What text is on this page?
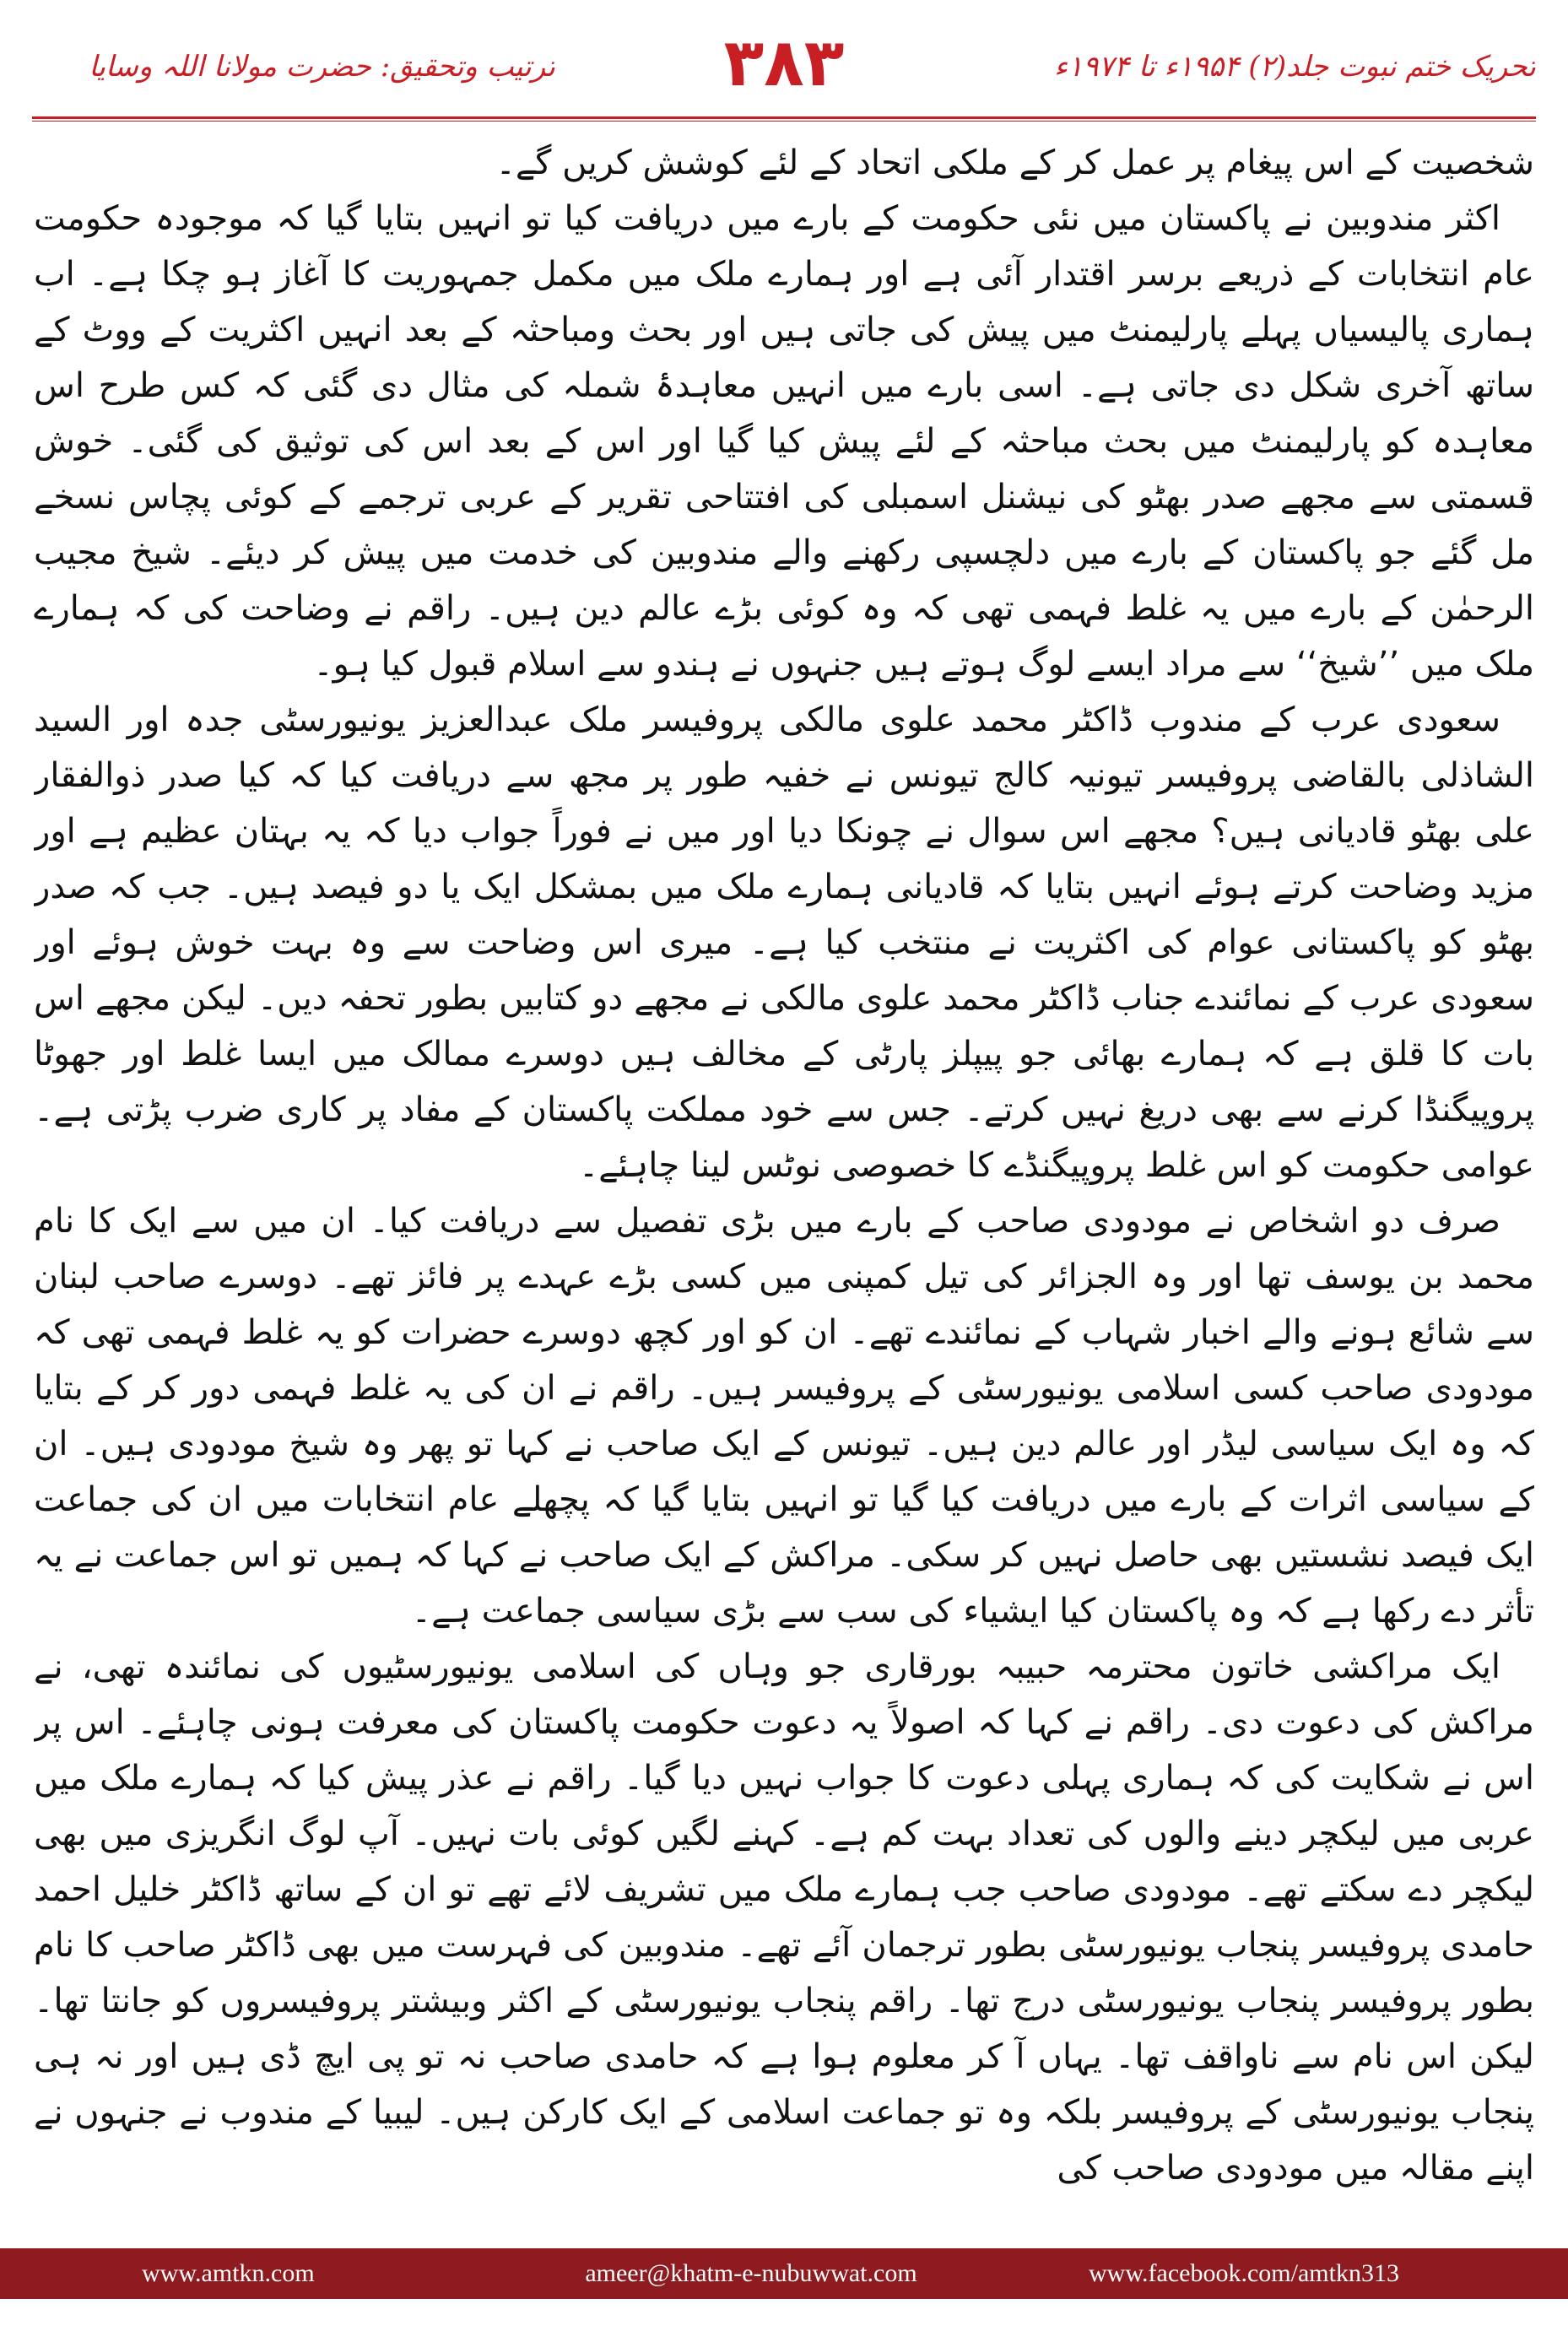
تحریک ختم نبوت جلد(۲) ۱۹۵۴ء تا ۱۹۷۴ء
۳۸۳
ترتیب وتحقیق: حضرت مولانا اللہ وسایا

شخصیت کے اس پیغام پر عمل کر کے ملکی اتحاد کے لئے کوشش کریں گے۔

اکثر مندوبین نے پاکستان میں نئی حکومت کے بارے میں دریافت کیا تو انہیں بتایا گیا کہ موجودہ حکومت عام انتخابات کے ذریعے برسر اقتدار آئی ہے اور ہمارے ملک میں مکمل جمہوریت کا آغاز ہو چکا ہے۔ اب ہماری پالیسیاں پہلے پارلیمنٹ میں پیش کی جاتی ہیں اور بحث ومباحثہ کے بعد انہیں اکثریت کے ووٹ کے ساتھ آخری شکل دی جاتی ہے۔ اسی بارے میں انہیں معاہدۂ شملہ کی مثال دی گئی کہ کس طرح اس معاہدہ کو پارلیمنٹ میں بحث مباحثہ کے لئے پیش کیا گیا اور اس کے بعد اس کی توثیق کی گئی۔ خوش قسمتی سے مجھے صدر بھٹو کی نیشنل اسمبلی کی افتتاحی تقریر کے عربی ترجمے کے کوئی پچاس نسخے مل گئے جو پاکستان کے بارے میں دلچسپی رکھنے والے مندوبین کی خدمت میں پیش کر دیئے۔ شیخ مجیب الرحمٰن کے بارے میں یہ غلط فہمی تھی کہ وہ کوئی بڑے عالم دین ہیں۔ راقم نے وضاحت کی کہ ہمارے ملک میں ’’شیخ‘‘ سے مراد ایسے لوگ ہوتے ہیں جنہوں نے ہندو سے اسلام قبول کیا ہو۔

سعودی عرب کے مندوب ڈاکٹر محمد علوی مالکی پروفیسر ملک عبدالعزیز یونیورسٹی جدہ اور السید الشاذلی بالقاضی پروفیسر تیونیہ کالج تیونس نے خفیہ طور پر مجھ سے دریافت کیا کہ کیا صدر ذوالفقار علی بھٹو قادیانی ہیں؟ مجھے اس سوال نے چونکا دیا اور میں نے فوراً جواب دیا کہ یہ بہتان عظیم ہے اور مزید وضاحت کرتے ہوئے انہیں بتایا کہ قادیانی ہمارے ملک میں بمشکل ایک یا دو فیصد ہیں۔ جب کہ صدر بھٹو کو پاکستانی عوام کی اکثریت نے منتخب کیا ہے۔ میری اس وضاحت سے وہ بہت خوش ہوئے اور سعودی عرب کے نمائندے جناب ڈاکٹر محمد علوی مالکی نے مجھے دو کتابیں بطور تحفہ دیں۔ لیکن مجھے اس بات کا قلق ہے کہ ہمارے بھائی جو پیپلز پارٹی کے مخالف ہیں دوسرے ممالک میں ایسا غلط اور جھوٹا پروپیگنڈا کرنے سے بھی دریغ نہیں کرتے۔ جس سے خود مملکت پاکستان کے مفاد پر کاری ضرب پڑتی ہے۔ عوامی حکومت کو اس غلط پروپیگنڈے کا خصوصی نوٹس لینا چاہئے۔

صرف دو اشخاص نے مودودی صاحب کے بارے میں بڑی تفصیل سے دریافت کیا۔ ان میں سے ایک کا نام محمد بن یوسف تھا اور وہ الجزائر کی تیل کمپنی میں کسی بڑے عہدے پر فائز تھے۔ دوسرے صاحب لبنان سے شائع ہونے والے اخبار شہاب کے نمائندے تھے۔ ان کو اور کچھ دوسرے حضرات کو یہ غلط فہمی تھی کہ مودودی صاحب کسی اسلامی یونیورسٹی کے پروفیسر ہیں۔ راقم نے ان کی یہ غلط فہمی دور کر کے بتایا کہ وہ ایک سیاسی لیڈر اور عالم دین ہیں۔ تیونس کے ایک صاحب نے کہا تو پھر وہ شیخ مودودی ہیں۔ ان کے سیاسی اثرات کے بارے میں دریافت کیا گیا تو انہیں بتایا گیا کہ پچھلے عام انتخابات میں ان کی جماعت ایک فیصد نشستیں بھی حاصل نہیں کر سکی۔ مراکش کے ایک صاحب نے کہا کہ ہمیں تو اس جماعت نے یہ تأثر دے رکھا ہے کہ وہ پاکستان کیا ایشیاء کی سب سے بڑی سیاسی جماعت ہے۔

ایک مراکشی خاتون محترمہ حبیبہ بورقاری جو وہاں کی اسلامی یونیورسٹیوں کی نمائندہ تھی، نے مراکش کی دعوت دی۔ راقم نے کہا کہ اصولاً یہ دعوت حکومت پاکستان کی معرفت ہونی چاہئے۔ اس پر اس نے شکایت کی کہ ہماری پہلی دعوت کا جواب نہیں دیا گیا۔ راقم نے عذر پیش کیا کہ ہمارے ملک میں عربی میں لیکچر دینے والوں کی تعداد بہت کم ہے۔ کہنے لگیں کوئی بات نہیں۔ آپ لوگ انگریزی میں بھی لیکچر دے سکتے تھے۔ مودودی صاحب جب ہمارے ملک میں تشریف لائے تھے تو ان کے ساتھ ڈاکٹر خلیل احمد حامدی پروفیسر پنجاب یونیورسٹی بطور ترجمان آئے تھے۔ مندوبین کی فہرست میں بھی ڈاکٹر صاحب کا نام بطور پروفیسر پنجاب یونیورسٹی درج تھا۔ راقم پنجاب یونیورسٹی کے اکثر وبیشتر پروفیسروں کو جانتا تھا۔ لیکن اس نام سے ناواقف تھا۔ یہاں آ کر معلوم ہوا ہے کہ حامدی صاحب نہ تو پی ایچ ڈی ہیں اور نہ ہی پنجاب یونیورسٹی کے پروفیسر بلکہ وہ تو جماعت اسلامی کے ایک کارکن ہیں۔ لیبیا کے مندوب نے جنہوں نے اپنے مقالہ میں مودودی صاحب کی

www.amtkn.com	ameer@khatm-e-nubuwwat.com	www.facebook.com/amtkn313
